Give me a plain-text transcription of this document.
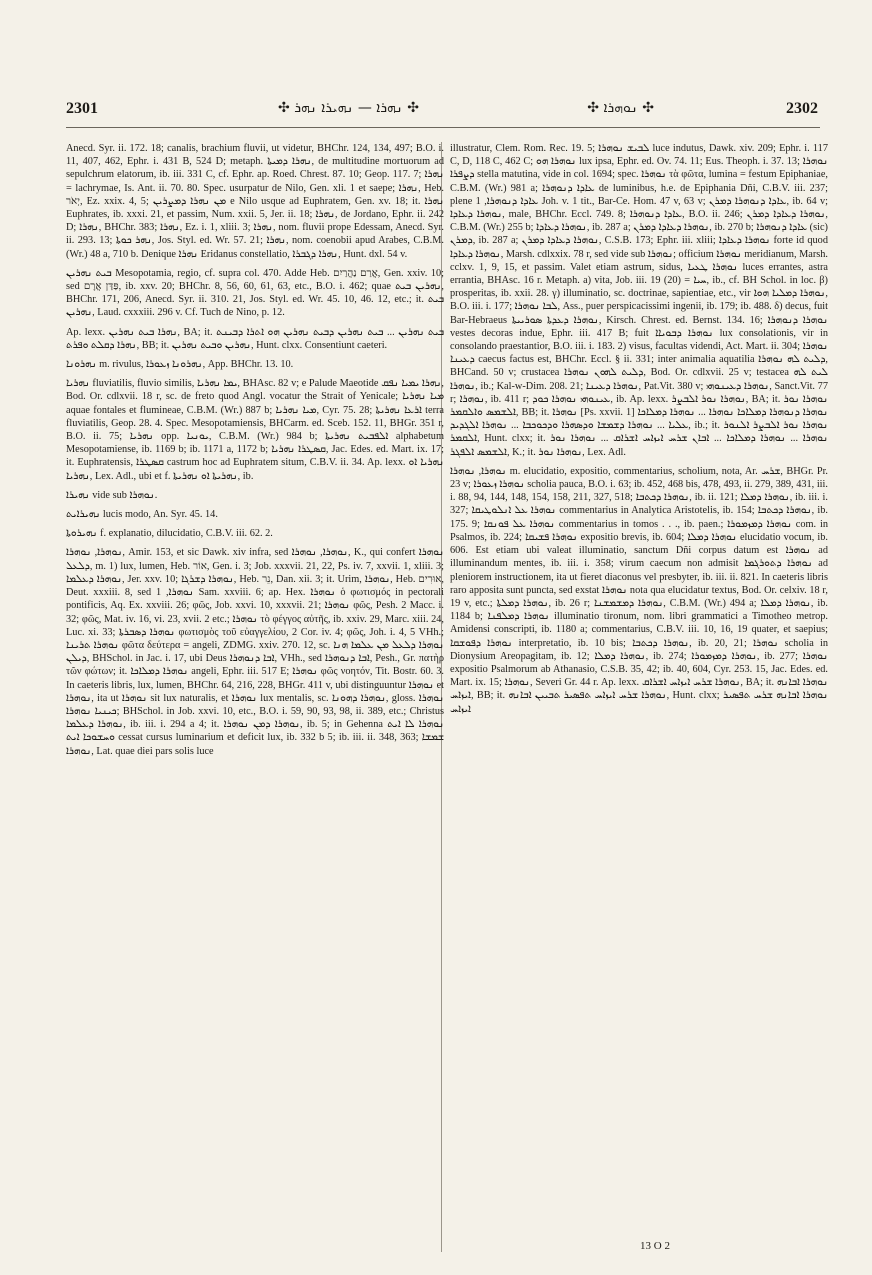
2301	✣ ܢܗܪܐ — ܢܗܝܪܐ ܢܗܪ ✣	✣ ܢܘܗܪܐ ✣	2302

Anecd. Syr. ii. 172. 18; canalis, brachium fluvii, ut videtur, BHChr. 124, 134, 497; B.O. i. 11, 407, 462, Ephr. i. 431 B, 524 D; metaph. ܢܗܪܐ ܕܡܝܬܐ, de multitudine mortuorum ad sepulchrum elatorum, ib. iii. 331 C, cf. Ephr. ap. Roed. Chrest. 87. 10; Geop. 117. 7; ܢܗܪܐ = lachrymae, Is. Ant. ii. 70. 80. Spec. usurpatur de Nilo, Gen. xli. 1 et saepe; ܢܗܪܐ, Heb. יְאֹר, Ez. xxix. 4, 5; ܡܢ ܢܗܪܐ ܕܡܨܪܝܢ e Nilo usque ad Euphratem, Gen. xv. 18; it. ܢܗܪܐ Euphrates, ib. xxxi. 21, et passim, Num. xxii. 5, Jer. ii. 18; ܢܗܪܐ, de Jordano, Ephr. ii. 242 D; ܢܗܪܐ, BHChr. 383; ܢܗܪܐ, Ez. i. 1, xliii. 3; ܢܗܪܐ, nom. fluvii prope Edessam, Anecd. Syr. ii. 293. 13; ܢܗܪ ܟܘܬܐ, Jos. Styl. ed. Wr. 57. 21; ܢܗܪܐ, nom. coenobii apud Arabes, C.B.M. (Wr.) 48 a, 710 b. Denique ܢܗܪܐ Eridanus constellatio, ܢܗܪܐ ܕܓܒܪܐ, Hunt. dxl. 54 v.

ܒܝܬ ܢܗܪܝܢ Mesopotamia, regio, cf. supra col. 470. Adde Heb. אֲרַם נַהֲרַיִם, Gen. xxiv. 10; sed פַּדַּן אֲרָם, ib. xxv. 20; BHChr. 8, 56, 60, 61, 63, etc., B.O. i. 462; quae ܢܗܪܝܢ ܒܝܬ, BHChr. 171, 206, Anecd. Syr. ii. 310. 21, Jos. Styl. ed. Wr. 45. 10, 46. 12, etc.; it. ܒܝܬ ܢܗܪܝܢ, Laud. cxxxiii. 296 v. Cf. Tuch de Nino, p. 12.

Ap. lexx. ܢܗܪܐ ܒܝܬ ܢܗܪܝܢ, BA; it. ܒܝܬ ܢܗܪܝܢ ... ܒܝܬ ܢܗܪܝܢ ܕܒܝܬ ܢܗܪܝܢ ܗܘ ܐܬܪܐ ܕܒܝܢܬ ܢܗܪܐ ܕܩܠܬ ܘܦܪܬ, BB; it. ܢܗܪܝܢ ܘܒܝܬ ܢܗܪܝܢ, Hunt. clxx. Consentiunt caeteri.

ܢܗܪܘܢܐ m. rivulus, ܢܗܪܘܢܐ ܙܥܘܪܐ, App. BHChr. 13. 10.

ܢܗܪܝܐ fluviatilis, fluvio similis, ܝܡܐ ܢܗܪܝܐ, BHAsc. 82 v; e Palude Maeotide ܢܗܪܐ ܝܡܝܐ ܢܦܩ, Bod. Or. cdlxvii. 18 r, sc. de freto quod Angl. vocatur the Strait of Yenicale; ܡܝܐ ܢܗܪܝܐ aquae fontales et flumineae, C.B.M. (Wr.) 887 b; ܡܝܐ ܢܗܪܝܐ, Cyr. 75. 28; ܐܪܥܐ ܢܗܪܝܬܐ terra fluviatilis, Geop. 28. 4. Spec. Mesopotamiensis, BHCarm. ed. Sceb. 152. 11, BHGr. 351 r, B.O. ii. 75; ܢܗܪܝܐ opp. ܝܘܢܝܐ, C.B.M. (Wr.) 984 b; ܐܠܦܒܝܬ ܢܗܪܝܬܐ alphabetum Mesopotamiense, ib. 1169 b; ib. 1171 a, 1172 b; ܩܣܛܪܐ ܢܗܪܝܐ, Jac. Edes. ed. Mart. ix. 17; it. Euphratensis, ܩܣܛܪܐ castrum hoc ad Euphratem situm, C.B.V. ii. 34. Ap. lexx. ܢܗܪܝܐ ܐܘ ܢܗܪܝܐ, Lex. Adl., ubi et f. ܢܗܪܝܬܐ ܐܘ ܢܗܪܝܬܐ, ib.

ܢܗܝܪܐ vide sub ܢܘܗܪܐ.

ܢܗܝܪܐܝܬ lucis modo, An. Syr. 45. 14.

ܢܗܝܪܘܬܐ f. explanatio, dilucidatio, C.B.V. iii. 62. 2.

ܢܘܗܪܐ, ܢܘܗܪܐ, Amir. 153, et sic Dawk. xiv infra, sed ܢܘܗܪܐ, ܢܘܗܪܐ, K., qui confert ܢܘܗܪܐ ܕܠܥܠ, m. 1) lux, lumen, Heb. אוֹר, Gen. i. 3; Job. xxxvii. 21, 22, Ps. iv. 7, xxvii. 1, xliii. 3; ܢܘܗܪܐ ܕܥܠܡܐ, Jer. xxv. 10; ܢܘܗܪܐ ܕܫܪܓܐ, Heb. נֵר, Dan. xii. 3; it. Urim, ܢܘܗܪܐ, Heb. אוּרִים, Deut. xxxiii. 8, sed ܢܘܗܪܐ, 1 Sam. xxviii. 6; ap. Hex. ܢܘܗܪܐ ὁ φωτισμός in pectorali pontificis, Aq. Ex. xxviii. 26; φῶς, Job. xxvi. 10, xxxvii. 21; ܢܘܗܪܐ φῶς, Pesh. 2 Macc. i. 32; φῶς, Mat. iv. 16, vi. 23, xvii. 2 etc.; ܢܘܗܪܐ τὸ φέγγος αὐτῆς, ib. xxiv. 29, Marc. xiii. 24, Luc. xi. 33; ܢܘܗܪܐ ܕܣܒܪܬܐ φωτισμὸς τοῦ εὐαγγελίου, 2 Cor. iv. 4; φῶς, Joh. i. 4, 5 VHh.; ܢܘܗܪܐ ܬܪܝܢܐ φῶτα δεύτερα = angeli, ZDMG. xxiv. 270. 12, sc. ܢܘܗܪܐ ܕܠܥܠ ܡܢ ܥܠܡܐ ܗܢܐ ܕܝܠܢ, BHSchol. in Jac. i. 17, ubi Deus ܐܒܐ ܕܢܘܗܪܐ, VHh., sed ܐܒܐ ܕܢܘܗܪܐ, Pesh., Gr. πατὴρ τῶν φώτων; it. ܢܘܗܪܐ ܕܡܠܐܟܐ angeli, Ephr. iii. 517 E; ܢܘܗܪܐ φῶς νοητόν, Tit. Bostr. 60. 3. In caeteris libris, lux, lumen, BHChr. 64, 216, 228, BHGr. 411 v, ubi distinguuntur ܢܘܗܪܐ et ܢܘܗܪܐ, ita ut ܢܘܗܪܐ sit lux naturalis, et ܢܘܗܪܐ lux mentalis, sc. ܢܘܗܪܐ ܕܗܘܢܐ, gloss. ܢܘܗܪܐ ܟܝܢܝܐ ܢܘܗܪܐ; BHSchol. in Job. xxvi. 10, etc., B.O. i. 59, 90, 93, 98, ii. 389, etc.; Christus ܢܘܗܪܐ ܕܥܠܡܐ, ib. iii. i. 294 a 4; it. ܢܘܗܪܐ ܕܡܢ ܢܘܗܪܐ, ib. 5; in Gehenna ܢܘܗܪܐ ܠܐ ܐܝܬ ܘܚܫܘܟܐ ܐܝܬ cessat cursus luminarium et deficit lux, ib. 332 b 5; ib. iii. ii. 348, 363; ܫܡܫܐ ܢܘܗܪܐ, Lat. quae diei pars solis luce

illustratur, Clem. Rom. Rec. 19. 5; ܠܒܝܫ ܢܘܗܪܐ luce indutus, Dawk. xiv. 209; Ephr. i. 117 C, D, 118 C, 462 C; ܢܘܗܪܐ ܗܘ lux ipsa, Ephr. ed. Ov. 74. 11; Eus. Theoph. i. 37. 13; ܢܘܗܪܐ ܕܨܦܪܐ stella matutina, vide in col. 1694; spec. ܢܘܗܪܐ τὰ φῶτα, lumina = festum Epiphaniae, C.B.M. (Wr.) 981 a; ܥܐܕܐ ܕܢܘܗܪܐ de luminibus, h.e. de Epiphania Dñi, C.B.V. iii. 237; plene ܥܐܕܐ ܕܢܘܗܪܐ, 1 Joh. v. 1 tit., Bar-Ce. Hom. 47 v, 63 v; ܥܐܕܐ ܕܢܘܗܪܐ ܕܡܪܢ, ib. 64 v; ܢܘܗܪܐ ܕܥܐܕܐ, male, BHChr. Eccl. 749. 8; ܥܐܕܐ ܕܢܘܗܪܐ, B.O. ii. 246; ܢܘܗܪܐ ܕܥܐܕܐ ܕܡܪܢ, C.B.M. (Wr.) 255 b; ܢܘܗܪܐ ܕܥܐܕܐ, ib. 287 a; ܢܘܗܪܐ ܕܥܐܕܐ ܕܡܪܢ, ib. 270 b; ܥܐܕܐ ܕܢܘܗܪܐ (sic) ܕܡܪܢ, ib. 287 a; ܢܘܗܪܐ ܕܥܐܕܐ ܕܡܪܢ, C.S.B. 173; Ephr. iii. xliii; ܢܘܗܪܐ ܕܥܐܕܐ forte id quod ܢܘܗܪܐ ܕܥܐܕܐ, Marsh. cdlxxix. 78 r, sed vide sub ܢܘܗܪܐ; officium ܢܘܗܪܐ meridianum, Marsh. cclxv. 1, 9, 15, et passim. Valet etiam astrum, sidus, ܢܘܗܪܐ ܛܥܝܐ luces errantes, astra errantia, BHAsc. 16 r. Metaph. a) vita, Job. iii. 19 (20) = ܚܝܐ, ib., cf. BH Schol. in loc. β) prosperitas, ib. xxii. 28. γ) illuminatio, sc. doctrinae, sapientiae, etc., vir ܢܘܗܪܐ ܕܡܠܝܐ ܗܘܐ, B.O. iii. i. 177; ܠܒܐ ܢܘܗܪܐ, Ass., puer perspicacissimi ingenii, ib. 179; ib. 488. δ) decus, fuit Bar-Hebraeus ܢܘܗܪܐ ܕܥܕܬܐ ܣܘܪܝܝܬܐ, Kirsch. Chrest. ed. Bernst. 134. 16; ܢܘܗܪܐ ܕܢܘܗܪܐ vestes decoras indue, Ephr. iii. 417 B; fuit ܢܘܗܪܐ ܕܒܘܝܐܐ lux consolationis, vir in consolando praestantior, B.O. iii. i. 183. 2) visus, facultas videndi, Act. Mart. ii. 304; ܢܘܗܪܐ ܕܥܝܢܐ caecus factus est, BHChr. Eccl. § ii. 331; inter animalia aquatilia ܕܠܝܬ ܠܗ ܢܘܗܪܐ, BHCand. 50 v; crustacea ܕܠܝܬ ܠܗܘܢ ܢܘܗܪܐ, Bod. Or. cdlxvii. 25 v; testacea ܠܝܬ ܠܗ ܢܘܗܪܐ, ib.; Kal-w-Dim. 208. 21; ܢܘܗܪܐ ܕܥܝܢܐ, Pat.Vit. 380 v; ܢܘܗܪܐ ܕܥܝܢܘܗܝ, Sanct.Vit. 77 r; ܢܘܗܪܐ, ib. 411 r; ܥܝܢܘܗܝ ܢܘܗܪܐ ܟܘܕ, ib. Ap. lexx. ܢܘܗܪܐ ܢܘܪ ܐܠܒܨܪ, BA; it. ܢܘܗܪܐ ܢܘܪ ܐܠܫܡܣ ܘܐܠܩܡܪ, BB; it. ܢܘܗܪܐ [Ps. xxvii. 1] ܢܘܗܪܐ ܕܢܘܗܪܐ ܕܡܠܐܟܐ ܢܘܗܪܐ ... ܢܘܗܪܐ ܕܡܠܐܟܐ ܥܠܝܐ ... ܢܘܗܪܐ ܕܫܡܫܐ ܘܕܣܗܪܐ ܘܕܟܘܟܒܐ ... ܢܘܗܪܐ ܐܠܓܕܝܕ, ib.; it. ܢܘܗܪܐ ܢܘܪ ܐܠܒܨܪ ܐܠܢܘܪ ܐܠܩܡܪ, Hunt. clxx; it. ܢܘܗܪܐ ... ܢܘܗܪܐ ܕܡܠܐܟܐ ... ܐܒܐܢ ܫܪܚ ܐܝܙܐܚ ܐܫܪܐܩ ... ܢܘܗܪܐ ܢܘܪ ܐܠܫܡܣ ܐܠܦܓܪ, K.; it. ܢܘܗܪܐ ܢܘܪ, Lex. Adl.

ܢܘܗܪܐ, ܢܘܗܪܐ m. elucidatio, expositio, commentarius, scholium, nota, Ar. ܫܪܚ, BHGr. Pr. 23 v; ܢܘܗܪܐ ܙܥܘܪܐ scholia pauca, B.O. i. 63; ib. 452, 468 bis, 478, 493, ii. 279, 389, 431, iii. i. 88, 94, 144, 148, 154, 158, 211, 327, 518; ܢܘܗܪܐ ܕܟܬܒܐ, ib. ii. 121; ܢܘܗܪܐ ܕܡܠܐ, ib. iii. i. 327; ܢܘܗܪܐ ܥܠ ܐܢܠܘܛܝܩܐ commentarius in Analytica Aristotelis, ib. 154; ܢܘܗܪܐ ܕܟܬܒܐ, ib. 175. 9; ܢܘܗܪܐ ܥܠ ܦܘܢܩܐ commentarius in tomos . . ., ib. paen.; ܢܘܗܪܐ ܕܡܙܡܘܪܐ com. in Psalmos, ib. 224; ܢܘܗܪܐ ܦܫܝܩܐ expositio brevis, ib. 604; ܢܘܗܪܐ ܕܡܠܐ elucidatio vocum, ib. 606. Est etiam ubi valeat illuminatio, sanctum Dñi corpus datum est ܢܘܗܪܐ ad illuminandum mentes, ib. iii. i. 358; virum caecum non admisit ܢܘܗܪܐ ܕܬܘܪܓܡܐ ad pleniorem instructionem, ita ut fieret diaconus vel presbyter, ib. iii. ii. 821. In caeteris libris raro apposita sunt puncta, sed exstat ܢܘܗܪܐ nota qua elucidatur textus, Bod. Or. celxiv. 18 r, 19 v, etc.; ܢܘܗܪܐ ܕܡܠܬܐ, ib. 26 r; ܢܘܗܪܐ ܕܡܫܡܫܢܐ, C.B.M. (Wr.) 494 a; ܢܘܗܪܐ ܕܡܠܐ, ib. 1184 b; ܢܘܗܪܐ ܕܡܠܦܢܐ illuminatio tironum, nom. libri grammatici a Timotheo metrop. Amidensi conscripti, ib. 1180 a; commentarius, C.B.V. iii. 10, 16, 19 quater, et saepius; ܢܘܗܪܐ ܕܦܘܫܩܐ interpretatio, ib. 10 bis; ܢܘܗܪܐ ܕܟܬܒܐ, ib. 20, 21; ܢܘܗܪܐ scholia in Dionysium Areopagitam, ib. 12; ܢܘܗܪܐ ܕܡܠܐ, ib. 274; ܢܘܗܪܐ ܕܡܙܡܘܪܐ, ib. 277; ܢܘܗܪܐ expositio Psalmorum ab Athanasio, C.S.B. 35, 42; ib. 40, 604, Cyr. 253. 15, Jac. Edes. ed. Mart. ix. 15; ܢܘܗܪܐ, Severi Gr. 44 r. Ap. lexx. ܢܘܗܪܐ ܫܪܚ ܐܝܙܐܚ ܐܫܪܐܩ, BA; it. ܢܘܗܪܐ ܐܒܐܢܗ ܐܝܙܐܚ, BB; it. ܢܘܗܪܐ ܫܪܚ ܐܝܙܐܚ ܬܦܣܝܪ ܬܒܝܝܢ ܐܒܐܢܗ, Hunt. clxx; ܢܘܗܪܐ ܐܒܐܢܗ ܫܪܚ ܬܦܣܝܪ ܐܝܙܐܚ

13 O 2
